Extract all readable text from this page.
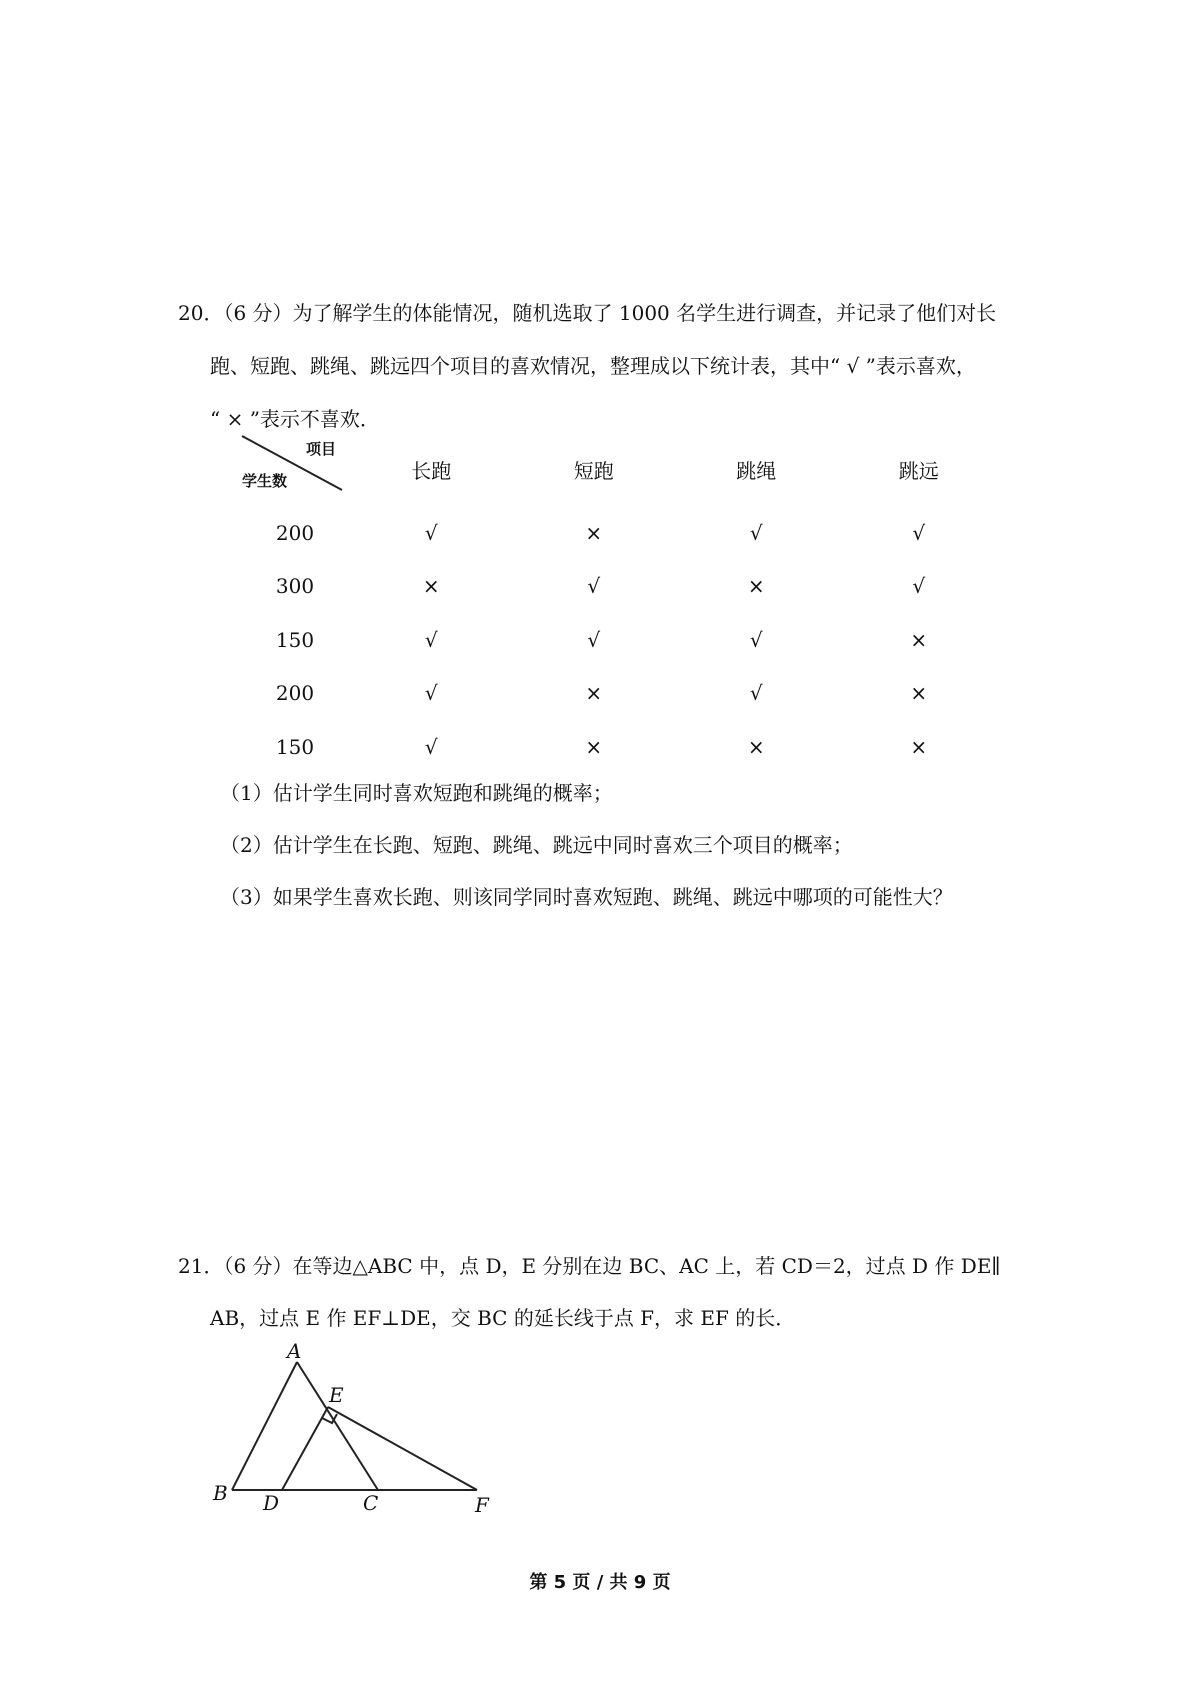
20．（6 分）为了解学生的体能情况，随机选取了 1000 名学生进行调查，并记录了他们对长
跑、短跑、跳绳、跳远四个项目的喜欢情况，整理成以下统计表，其中“ √ ”表示喜欢，
“ × ”表示不喜欢．
项目
学生数	长跑	短跑	跳绳	跳远
200	√	×	√	√
300	×	√	×	√
150	√	√	√	×
200	√	×	√	×
150	√	×	×	×
（1）估计学生同时喜欢短跑和跳绳的概率；
（2）估计学生在长跑、短跑、跳绳、跳远中同时喜欢三个项目的概率；
（3）如果学生喜欢长跑、则该同学同时喜欢短跑、跳绳、跳远中哪项的可能性大？
21．（6 分）在等边△ABC 中，点 D，E 分别在边 BC、AC 上，若 CD＝2，过点 D 作 DE∥
AB，过点 E 作 EF⊥DE，交 BC 的延长线于点 F，求 EF 的长．
A
B	C
D
E
F
第 5 页 / 共 9 页
